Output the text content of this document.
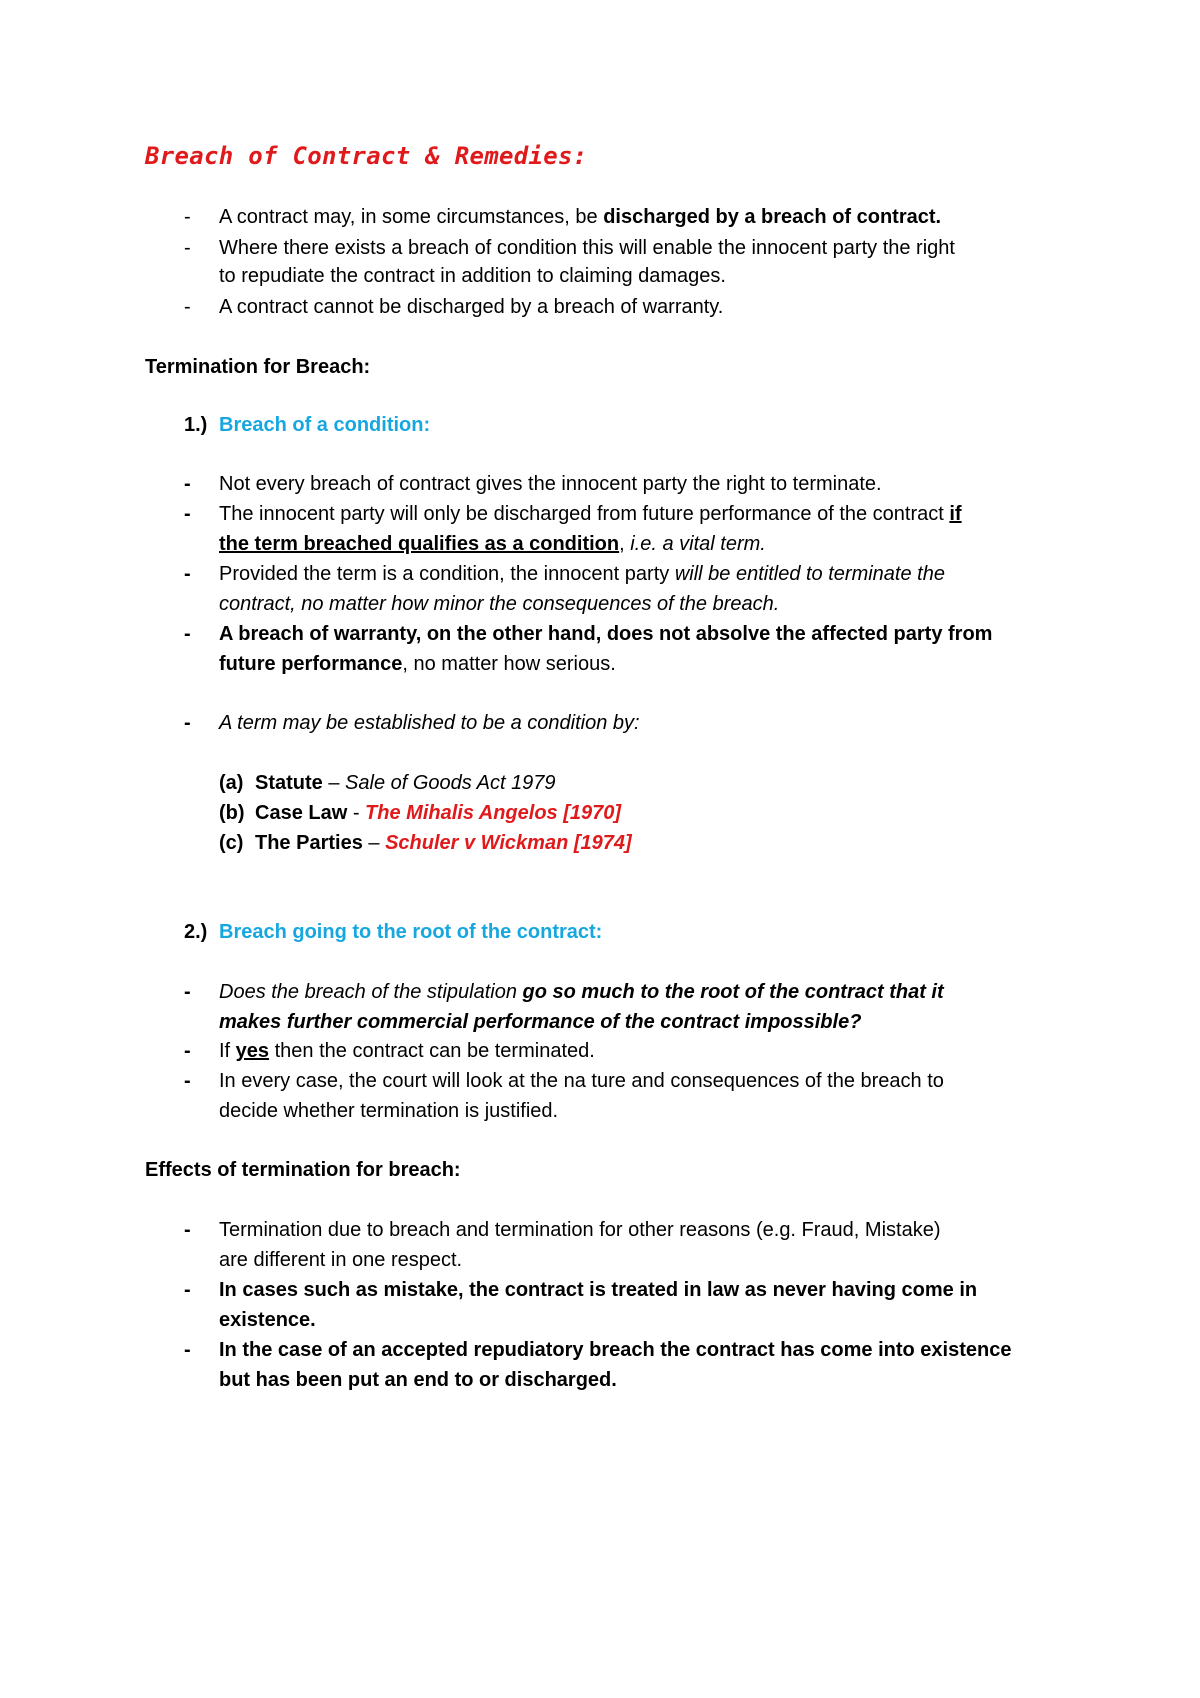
Breach of Contract & Remedies:
- A contract may, in some circumstances, be discharged by a breach of contract.
- Where there exists a breach of condition this will enable the innocent party the right
to repudiate the contract in addition to claiming damages.
- A contract cannot be discharged by a breach of warranty.
Termination for Breach:
1.) Breach of a condition:
- Not every breach of contract gives the innocent party the right to terminate.
- The innocent party will only be discharged from future performance of the contract if
the term breached qualifies as a condition, i.e. a vital term.
- Provided the term is a condition, the innocent party will be entitled to terminate the
contract, no matter how minor the consequences of the breach.
- A breach of warranty, on the other hand, does not absolve the affected party from
future performance, no matter how serious.
- A term may be established to be a condition by:
(a) Statute – Sale of Goods Act 1979
(b) Case Law - The Mihalis Angelos [1970]
(c) The Parties – Schuler v Wickman [1974]
2.) Breach going to the root of the contract:
- Does the breach of the stipulation go so much to the root of the contract that it
makes further commercial performance of the contract impossible?
- If yes then the contract can be terminated.
- In every case, the court will look at the na ture and consequences of the breach to
decide whether termination is justified.
Effects of termination for breach:
- Termination due to breach and termination for other reasons (e.g. Fraud, Mistake)
are different in one respect.
- In cases such as mistake, the contract is treated in law as never having come in
existence.
- In the case of an accepted repudiatory breach the contract has come into existence
but has been put an end to or discharged.
